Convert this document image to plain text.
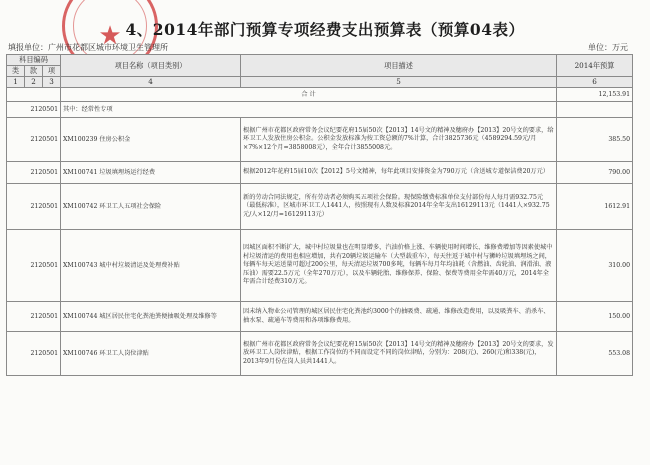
★ 4、2014年部门预算专项经费支出预算表（预算04表）
填报单位：广州市花都区城市环境卫生管理所	单位：万元
科目编码			项目名称（项目类别）	项目描述	2014年预算
类	款	项			
1	2	3	4	5	6
			合 计		12,153.91
2120501			其中：经常性专项		
2120501			XM100239 住房公积金	根据广州市花都区政府常务会议纪要花府15届50次【2013】14号文的精神及穗府办【2013】20号文的要求，给环卫工人发放住房公积金。公积金发放标准为按工资总额的7%计算，合计3825736元（4589294.59元/月×7%×12个月=3858008元），全年合计3855008元。	385.50
2120501			XM100741 垃圾填埋场运行经费	根据2012年花府15届10次【2012】5号文精神，每年此项目安排资金为790万元（含送城专道保洁费20万元）	790.00
2120501			XM100742 环卫工人五项社会保险	新的劳动合同法规定，所有劳动者必须购买五项社会保险。现保险缴费标准单位支付部份每人每月需932.75元（最低标准），区城市环卫工人1441人，按照现有人数及标准2014年全年支出16129113元（1441人×932.75元/人×12/月=16129113元）	1612.91
2120501			XM100743 城中村垃圾清运及处理费补贴	因城区面积不断扩大，城中村垃圾量也在明显增多，汽油价格上涨、车辆使用时间增长、维修费增加等因素使城中村垃圾清运的费用也相应增加，共有20辆垃圾运输车（大型载重车），每天往返于城中村与狮岭垃圾填埋场之间，每辆车每天运送量可超过200公里，每天清运垃圾700多吨，每辆车每月年均油耗（含燃油、齿轮油、润滑油、液压油）需要22.5万元（全年270万元），以及车辆轮胎、维修保养、保险、保费等费用全年需40万元，2014年全年需合计经费310万元。	310.00
2120501			XM100744 城区居民住宅化粪池粪便抽吸处理及维修等	因未纳入物业公司管理的城区居民住宅化粪池约3000个的抽吸费、疏通、维修改造费用，以及吸粪车、消杀车、抽水泵、疏通车等费用和各项维修费用。	150.00
2120501			XM100746 环卫工人岗位津贴	根据广州市花都区政府常务会议纪要花府15届50次【2013】14号文的精神及穗府办【2013】20号文的要求，发放环卫工人岗位津贴，根据工作岗位的不同而设定不同的岗位津贴，分别为：208(元)、260(元)和338(元)，2013年9月份在岗人员共1441人。	553.08
